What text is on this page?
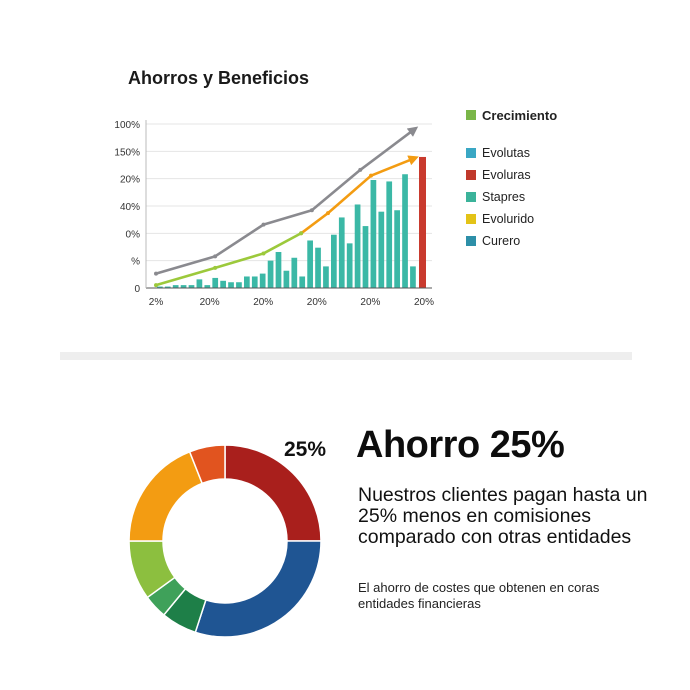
100%
150%
20%
40%
0%
%
0
2%	20%	20%	20%	20%	20%
Ahorros y Beneficios
Crecimiento
Evolutas
Evoluras
Stapres
Evolurido
Curero
25% Ahorro 25%
Nuestros clientes pagan hasta un 25% menos en comisiones comparado con otras entidades
El ahorro de costes que obtenen en coras entidades financieras
